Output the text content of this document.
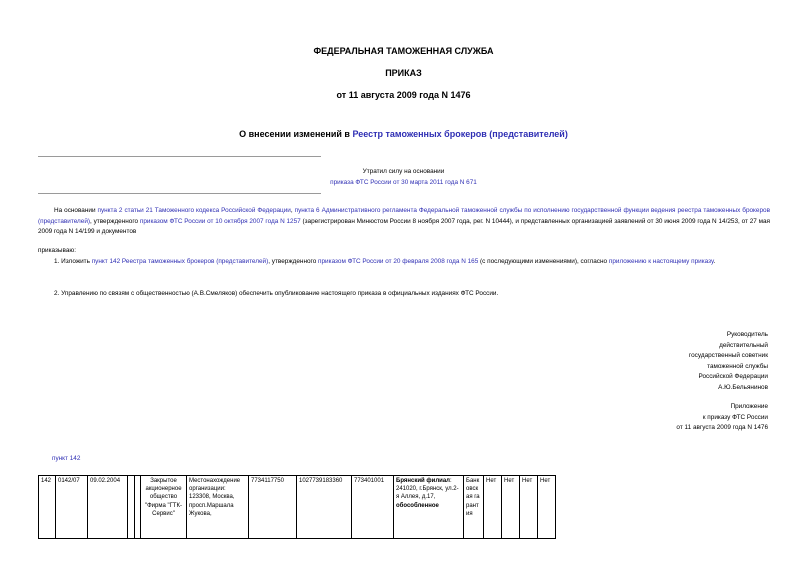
ФЕДЕРАЛЬНАЯ ТАМОЖЕННАЯ СЛУЖБА
ПРИКАЗ
от 11 августа 2009 года N 1476
О внесении изменений в Реестр таможенных брокеров (представителей)
Утратил силу на основании
приказа ФТС России от 30 марта 2011 года N 671
На основании пункта 2 статьи 21 Таможенного кодекса Российской Федерации, пункта 6 Административного регламента Федеральной таможенной службы по исполнению государственной функции ведения реестра таможенных брокеров (представителей), утвержденного приказом ФТС России от 10 октября 2007 года N 1257 (зарегистрирован Минюстом России 8 ноября 2007 года, рег. N 10444), и представленных организацией заявлений от 30 июня 2009 года N 14/253, от 27 мая 2009 года N 14/199 и документов
приказываю:
1. Изложить пункт 142 Реестра таможенных брокеров (представителей), утвержденного приказом ФТС России от 20 февраля 2008 года N 165 (с последующими изменениями), согласно приложению к настоящему приказу.
2. Управлению по связям с общественностью (А.В.Смеляков) обеспечить опубликование настоящего приказа в официальных изданиях ФТС России.
Руководитель
действительный
государственный советник
таможенной службы
Российской Федерации
А.Ю.Бельянинов
Приложение
к приказу ФТС России
от 11 августа 2009 года N 1476
пункт 142
142	0142/07	09.02.2004			Закрытое акционерное общество "Фирма "ГТК-Сервис"	Местонахождение организации: 123308, Москва, просп.Маршала Жукова,	7734117750	1027739183360	773401001	Брянский филиал: 241020, г.Брянск, ул.2-я Аллея, д.17,
обособленное	Банковская гарантия	Нет	Нет	Нет	Нет
